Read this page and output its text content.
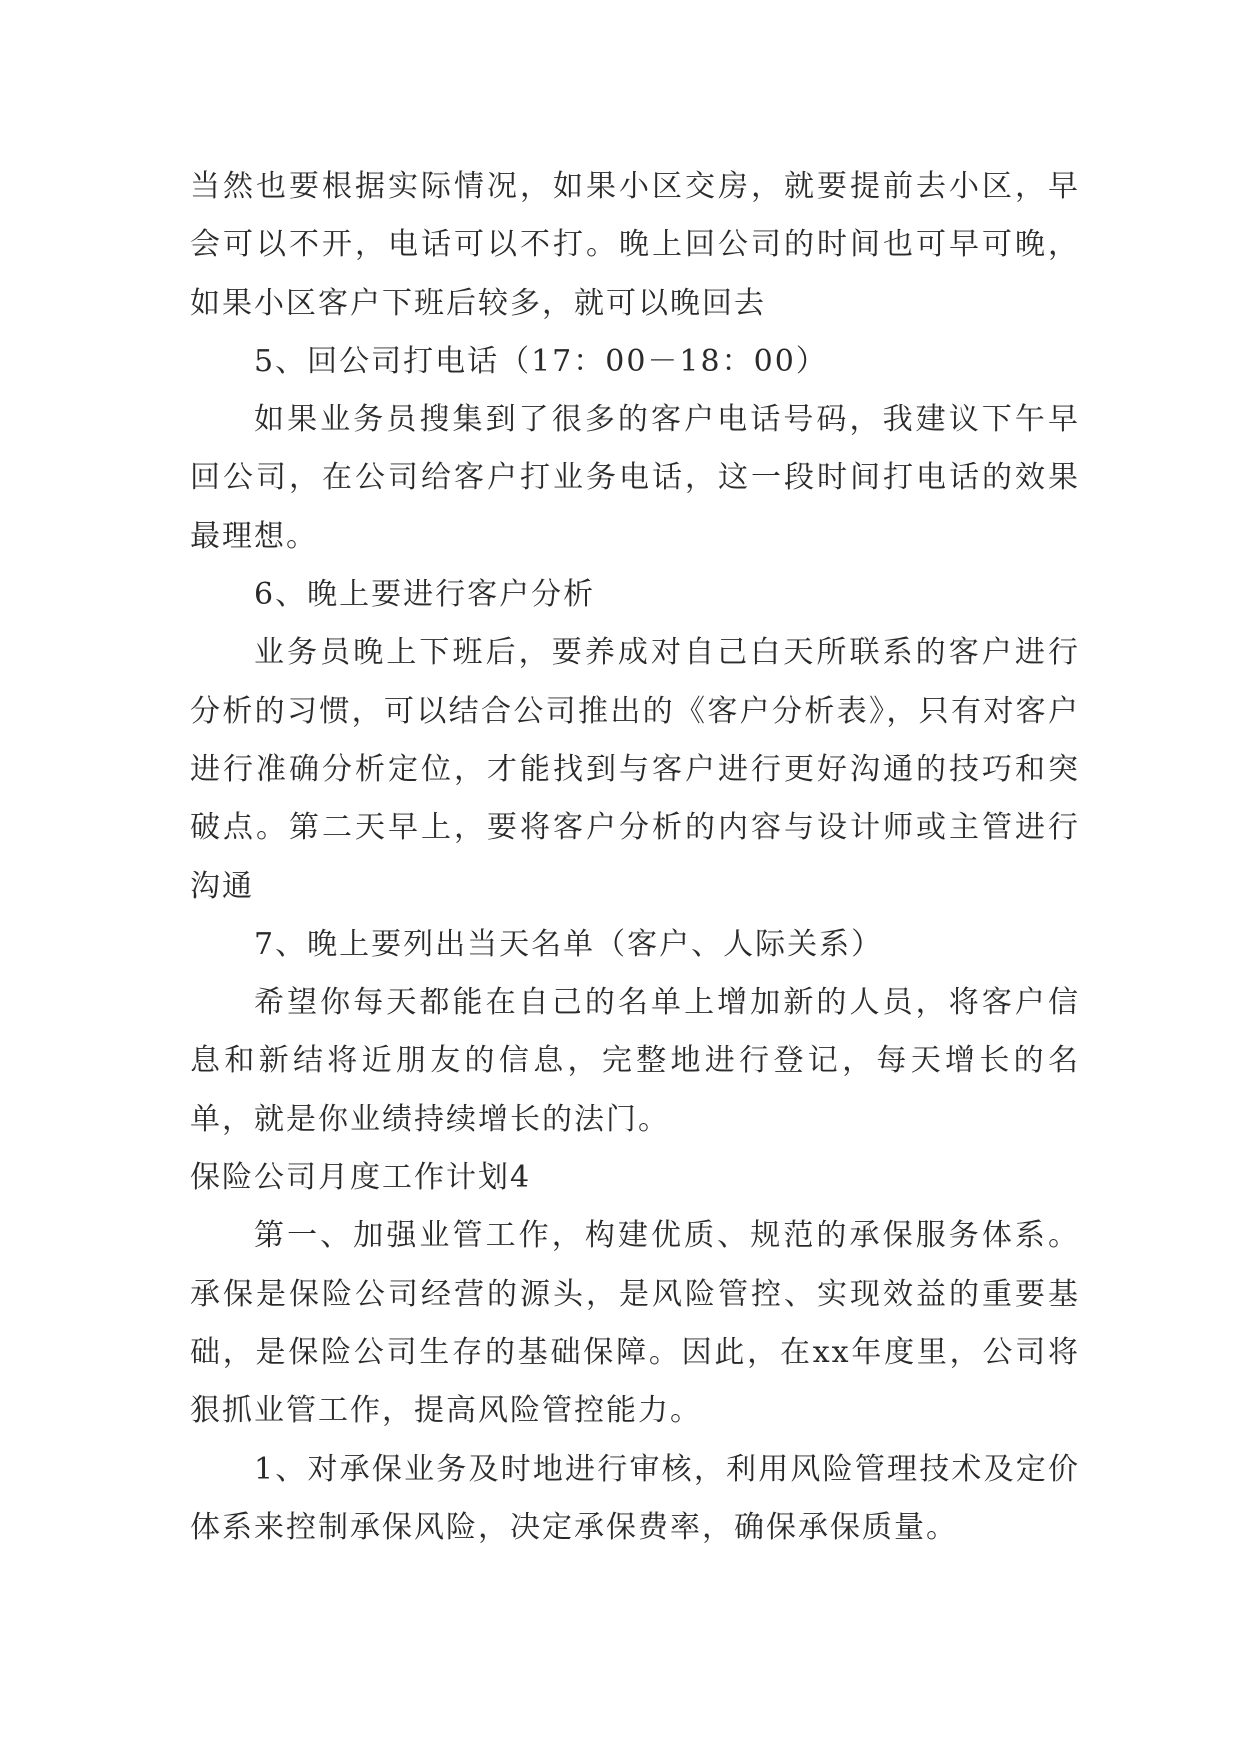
当然也要根据实际情况，如果小区交房，就要提前去小区，早会可以不开，电话可以不打。晚上回公司的时间也可早可晚，如果小区客户下班后较多，就可以晚回去

5、回公司打电话（17：00－18：00）

如果业务员搜集到了很多的客户电话号码，我建议下午早回公司，在公司给客户打业务电话，这一段时间打电话的效果最理想。

6、晚上要进行客户分析

业务员晚上下班后，要养成对自己白天所联系的客户进行分析的习惯，可以结合公司推出的《客户分析表》，只有对客户进行准确分析定位，才能找到与客户进行更好沟通的技巧和突破点。第二天早上，要将客户分析的内容与设计师或主管进行沟通

7、晚上要列出当天名单（客户、人际关系）

希望你每天都能在自己的名单上增加新的人员，将客户信息和新结将近朋友的信息，完整地进行登记，每天增长的名单，就是你业绩持续增长的法门。

保险公司月度工作计划4

第一、加强业管工作，构建优质、规范的承保服务体系。承保是保险公司经营的源头，是风险管控、实现效益的重要基础，是保险公司生存的基础保障。因此，在xx年度里，公司将狠抓业管工作，提高风险管控能力。

1、对承保业务及时地进行审核，利用风险管理技术及定价体系来控制承保风险，决定承保费率，确保承保质量。
